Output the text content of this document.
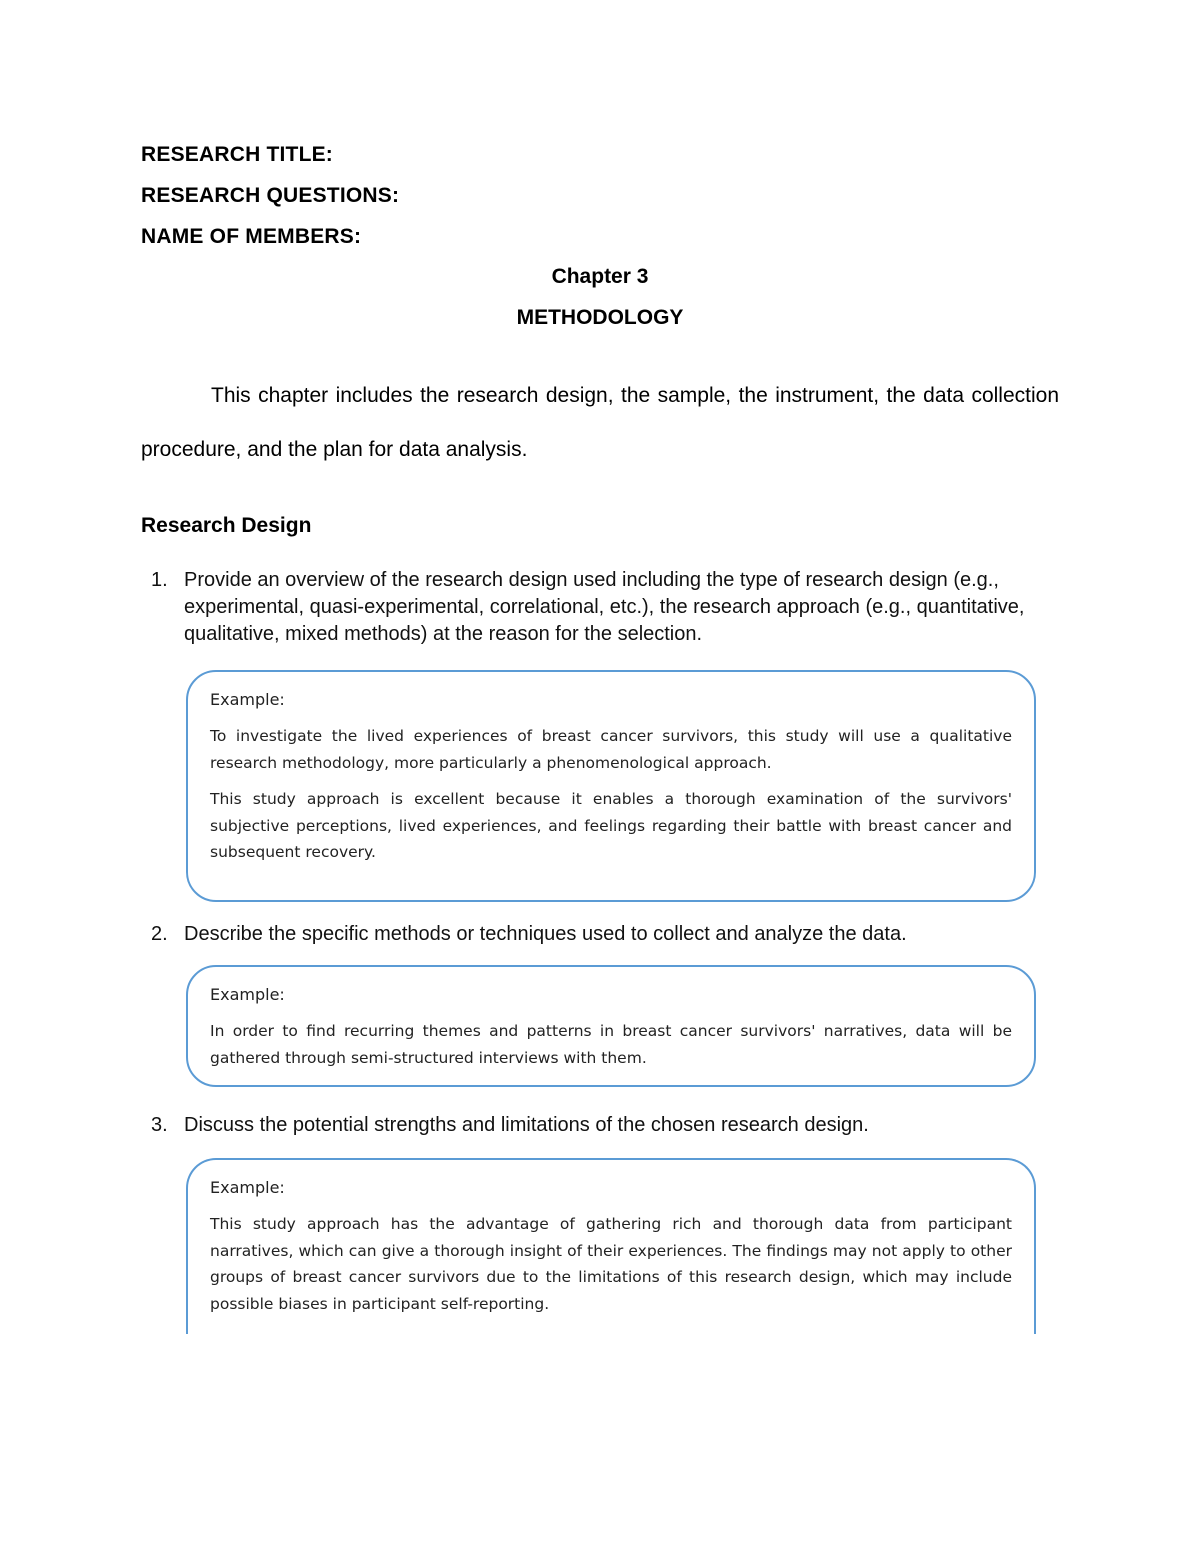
RESEARCH TITLE:
RESEARCH QUESTIONS:
NAME OF MEMBERS:
Chapter 3
METHODOLOGY

This chapter includes the research design, the sample, the instrument, the data collection procedure, and the plan for data analysis.

Research Design
1. Provide an overview of the research design used including the type of research design (e.g., experimental, quasi-experimental, correlational, etc.), the research approach (e.g., quantitative, qualitative, mixed methods) at the reason for the selection.
Example:

To investigate the lived experiences of breast cancer survivors, this study will use a qualitative research methodology, more particularly a phenomenological approach.

This study approach is excellent because it enables a thorough examination of the survivors' subjective perceptions, lived experiences, and feelings regarding their battle with breast cancer and subsequent recovery.

2. Describe the specific methods or techniques used to collect and analyze the data.
Example:

In order to find recurring themes and patterns in breast cancer survivors' narratives, data will be gathered through semi-structured interviews with them.

3. Discuss the potential strengths and limitations of the chosen research design.
Example:

This study approach has the advantage of gathering rich and thorough data from participant narratives, which can give a thorough insight of their experiences. The findings may not apply to other groups of breast cancer survivors due to the limitations of this research design, which may include possible biases in participant self-reporting.
